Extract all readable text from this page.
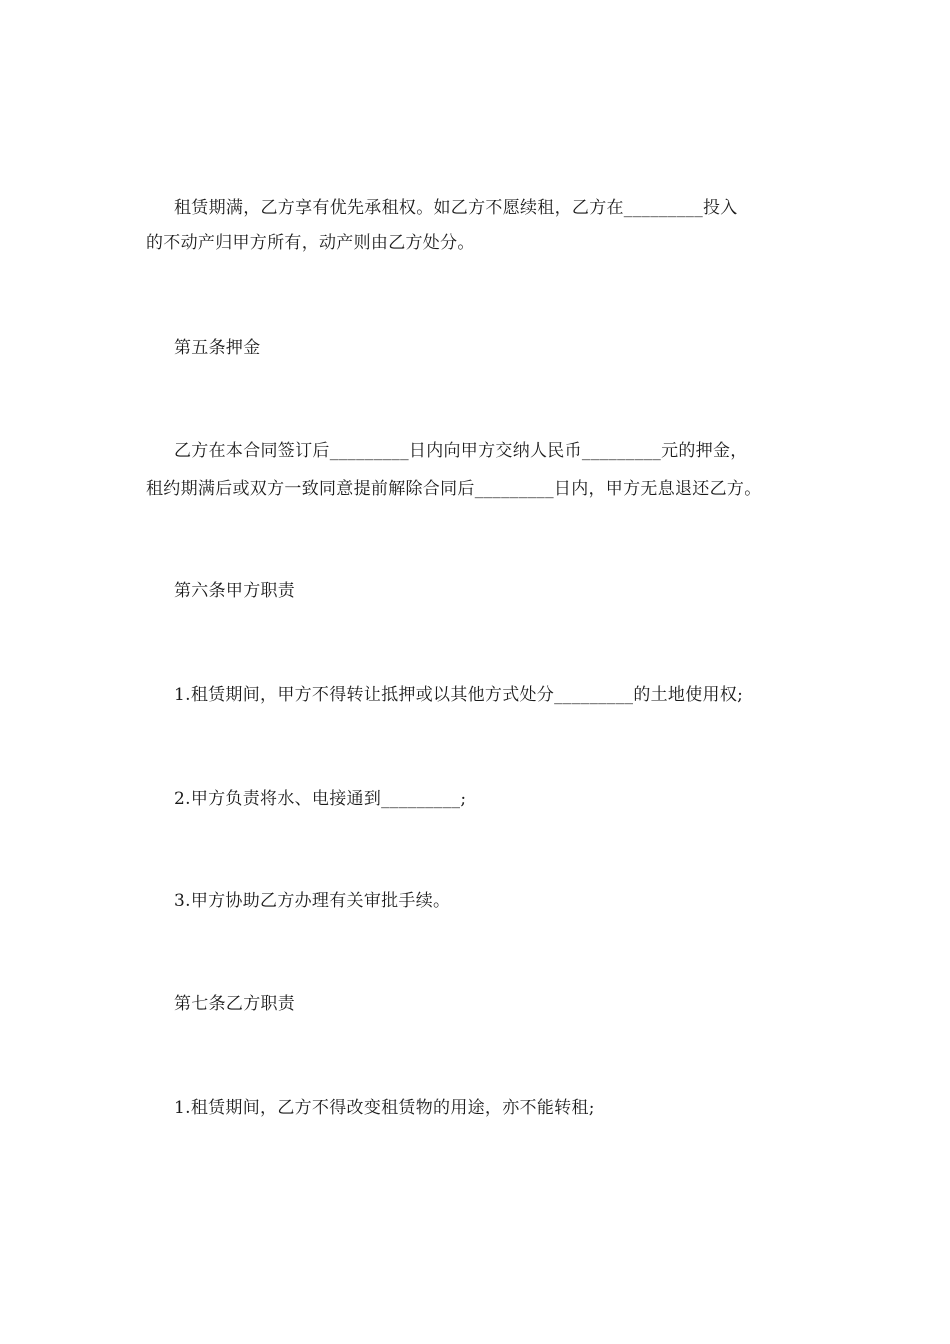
租赁期满，乙方享有优先承租权。如乙方不愿续租，乙方在_________投入
的不动产归甲方所有，动产则由乙方处分。
第五条押金
乙方在本合同签订后_________日内向甲方交纳人民币_________元的押金，
租约期满后或双方一致同意提前解除合同后_________日内，甲方无息退还乙方。
第六条甲方职责
1.租赁期间，甲方不得转让抵押或以其他方式处分_________的土地使用权;
2.甲方负责将水、电接通到_________;
3.甲方协助乙方办理有关审批手续。
第七条乙方职责
1.租赁期间，乙方不得改变租赁物的用途，亦不能转租;
